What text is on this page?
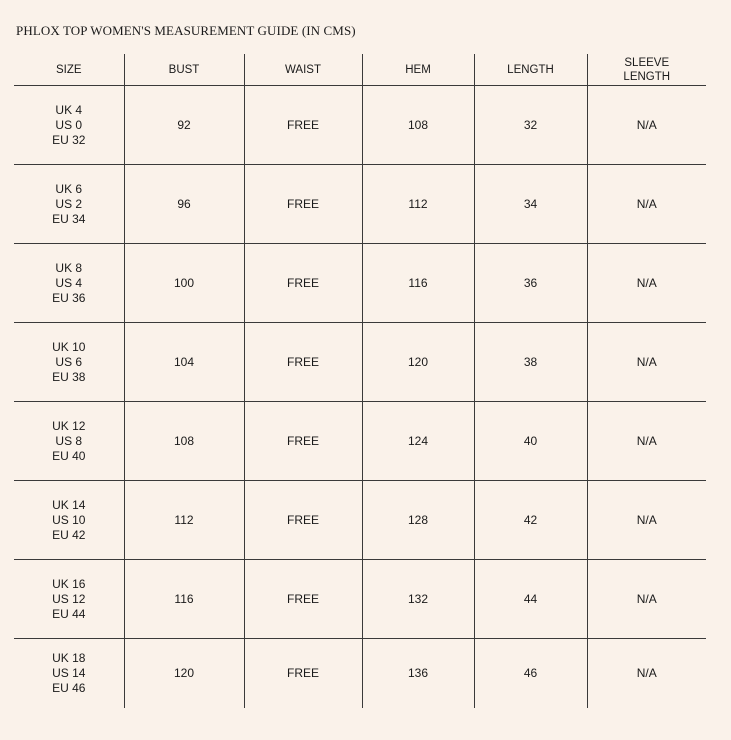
PHLOX TOP WOMEN'S MEASUREMENT GUIDE (IN CMS)
SIZE	BUST	WAIST	HEM	LENGTH	SLEEVE
LENGTH

UK 4
US 0
EU 32	92	FREE	108	32	N/A

UK 6
US 2
EU 34	96	FREE	112	34	N/A

UK 8
US 4
EU 36	100	FREE	116	36	N/A

UK 10
US 6
EU 38	104	FREE	120	38	N/A

UK 12
US 8
EU 40	108	FREE	124	40	N/A

UK 14
US 10
EU 42	112	FREE	128	42	N/A

UK 16
US 12
EU 44	116	FREE	132	44	N/A

UK 18
US 14
EU 46	120	FREE	136	46	N/A
